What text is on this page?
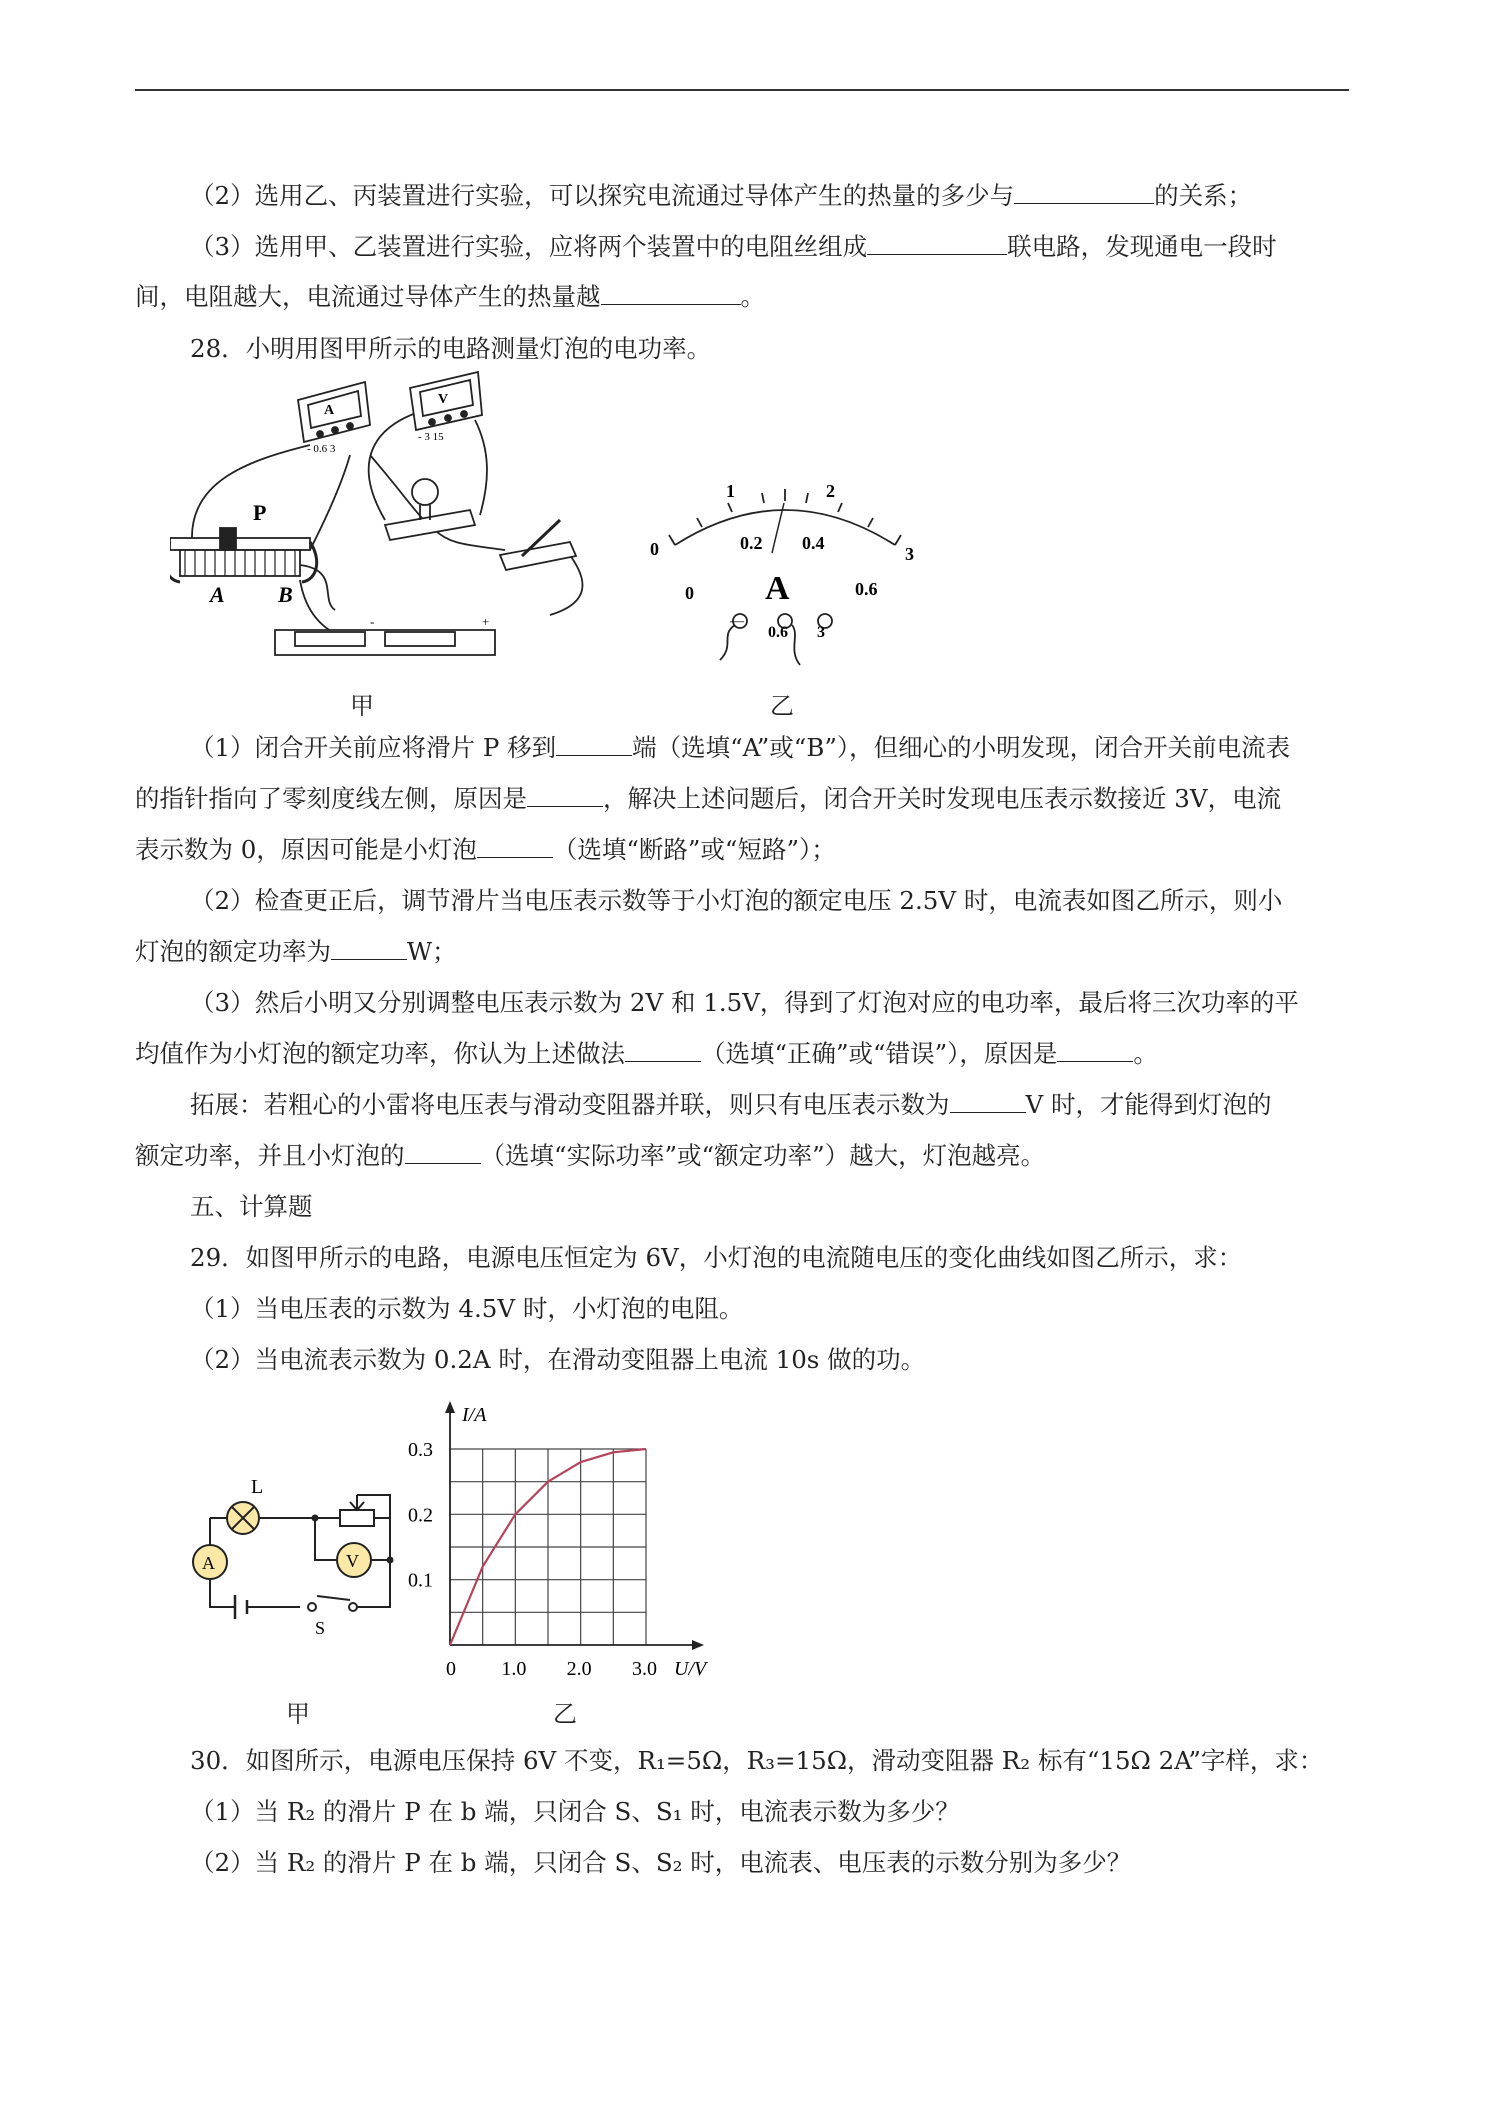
（2）选用乙、丙装置进行实验，可以探究电流通过导体产生的热量的多少与	的关系；
（3）选用甲、乙装置进行实验，应将两个装置中的电阻丝组成	联电路，发现通电一段时
间，电阻越大，电流通过导体产生的热量越	。
28．小明用图甲所示的电路测量灯泡的电功率。
A
- 0.6 3
V
- 3 15
P
A B
-	+
甲
0
1	2
3
0
0.2 0.4
0.6
A
—
0.6 3
乙
（1）闭合开关前应将滑片 P 移到	端（选填“A”或“B”），但细心的小明发现，闭合开关前电流表
的指针指向了零刻度线左侧，原因是	，解决上述问题后，闭合开关时发现电压表示数接近 3V，电流
表示数为 0，原因可能是小灯泡	（选填“断路”或“短路”）；
（2）检查更正后，调节滑片当电压表示数等于小灯泡的额定电压 2.5V 时，电流表如图乙所示，则小
灯泡的额定功率为	W；
（3）然后小明又分别调整电压表示数为 2V 和 1.5V，得到了灯泡对应的电功率，最后将三次功率的平
均值作为小灯泡的额定功率，你认为上述做法	（选填“正确”或“错误”），原因是	。
拓展：若粗心的小雷将电压表与滑动变阻器并联，则只有电压表示数为	V 时，才能得到灯泡的
额定功率，并且小灯泡的	（选填“实际功率”或“额定功率”）越大，灯泡越亮。
五、计算题
29．如图甲所示的电路，电源电压恒定为 6V，小灯泡的电流随电压的变化曲线如图乙所示，求：
（1）当电压表的示数为 4.5V 时，小灯泡的电阻。
（2）当电流表示数为 0.2A 时，在滑动变阻器上电流 10s 做的功。
L
A	V
S
甲
0 1.0 2.0 3.0
0.1
0.2
0.3
U/V
I/A
乙
30．如图所示，电源电压保持 6V 不变，R₁=5Ω，R₃=15Ω，滑动变阻器 R₂ 标有“15Ω 2A”字样，求：
（1）当 R₂ 的滑片 P 在 b 端，只闭合 S、S₁ 时，电流表示数为多少？
（2）当 R₂ 的滑片 P 在 b 端，只闭合 S、S₂ 时，电流表、电压表的示数分别为多少？
